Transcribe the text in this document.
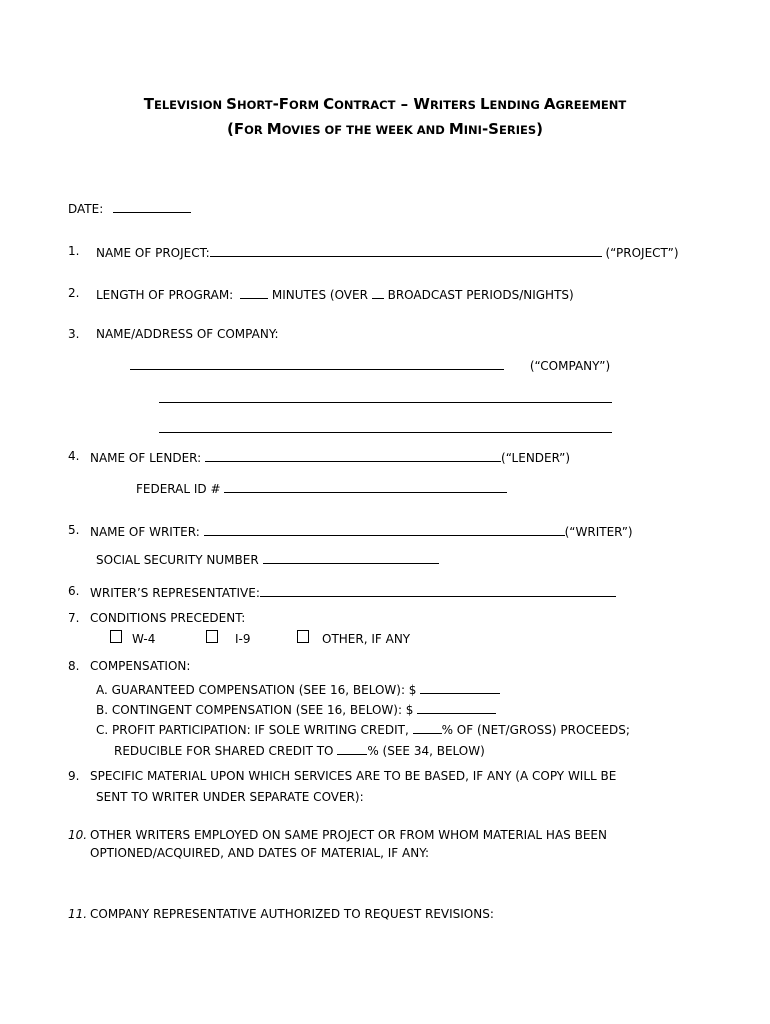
TELEVISION SHORT-FORM CONTRACT – WRITERS LENDING AGREEMENT
(FOR MOVIES OF THE WEEK AND MINI-SERIES)
DATE:
1. NAME OF PROJECT:	(“PROJECT”)
2. LENGTH OF PROGRAM:	MINUTES (OVER BROADCAST PERIODS/NIGHTS)
3. NAME/ADDRESS OF COMPANY:
(“COMPANY”)
4. NAME OF LENDER:	(“LENDER”)
FEDERAL ID #
5. NAME OF WRITER:	(“WRITER”)
SOCIAL SECURITY NUMBER
6. WRITER’S REPRESENTATIVE:
7. CONDITIONS PRECEDENT:
W-4	I-9	OTHER, IF ANY
8. COMPENSATION:
A. GUARANTEED COMPENSATION (SEE 16, BELOW): $
B. CONTINGENT COMPENSATION (SEE 16, BELOW): $
C. PROFIT PARTICIPATION: IF SOLE WRITING CREDIT,	% OF (NET/GROSS) PROCEEDS;
REDUCIBLE FOR SHARED CREDIT TO	% (SEE 34, BELOW)
9. SPECIFIC MATERIAL UPON WHICH SERVICES ARE TO BE BASED, IF ANY (A COPY WILL BE
SENT TO WRITER UNDER SEPARATE COVER):
10. OTHER WRITERS EMPLOYED ON SAME PROJECT OR FROM WHOM MATERIAL HAS BEEN
OPTIONED/ACQUIRED, AND DATES OF MATERIAL, IF ANY:
11. COMPANY REPRESENTATIVE AUTHORIZED TO REQUEST REVISIONS:
